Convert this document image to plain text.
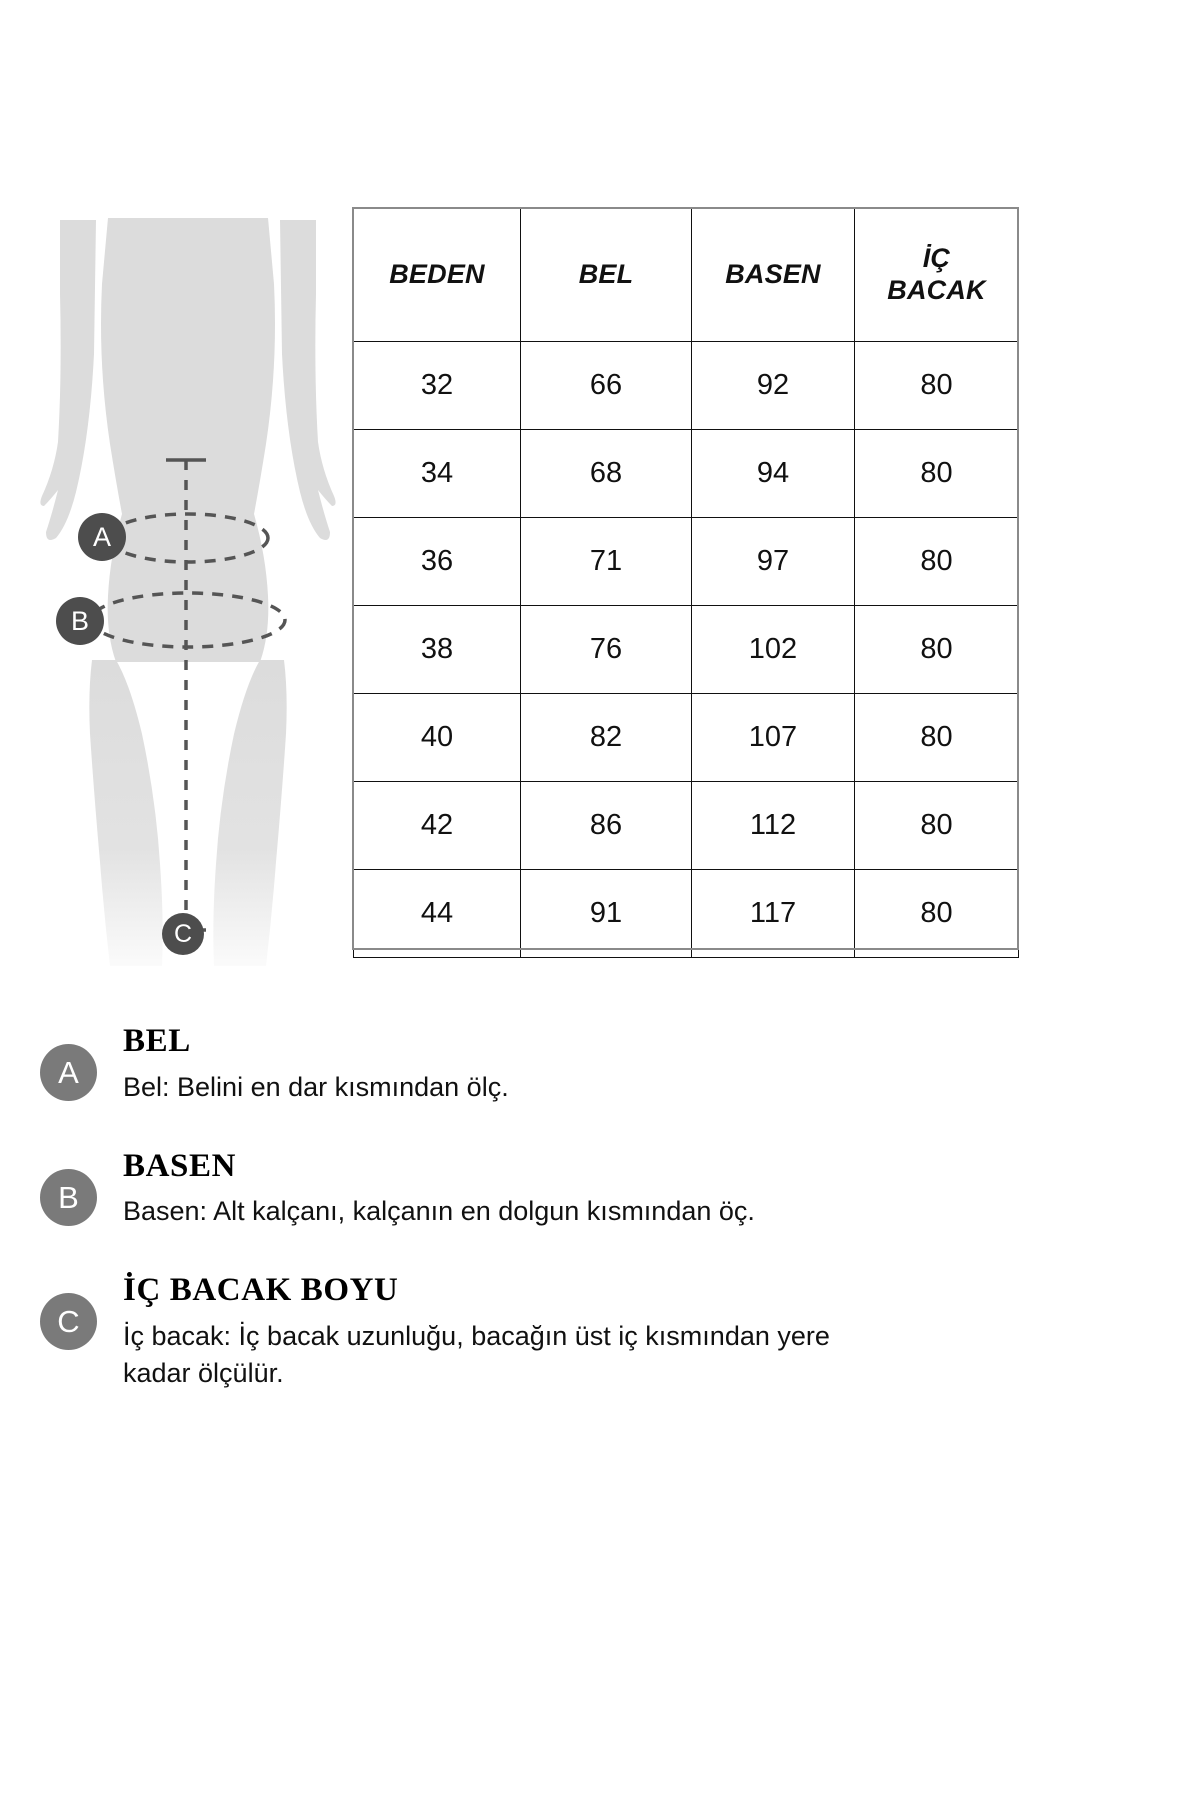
A
B
C
BEDEN	BEL	BASEN	İÇ
BACAK
32	66	92	80
34	68	94	80
36	71	97	80
38	76	102	80
40	82	107	80
42	86	112	80
44	91	117	80
A
BEL
Bel: Belini en dar kısmından ölç.
B
BASEN
Basen: Alt kalçanı, kalçanın en dolgun kısmından öç.
C
İÇ BACAK BOYU
İç bacak: İç bacak uzunluğu, bacağın üst iç kısmından yere kadar ölçülür.
